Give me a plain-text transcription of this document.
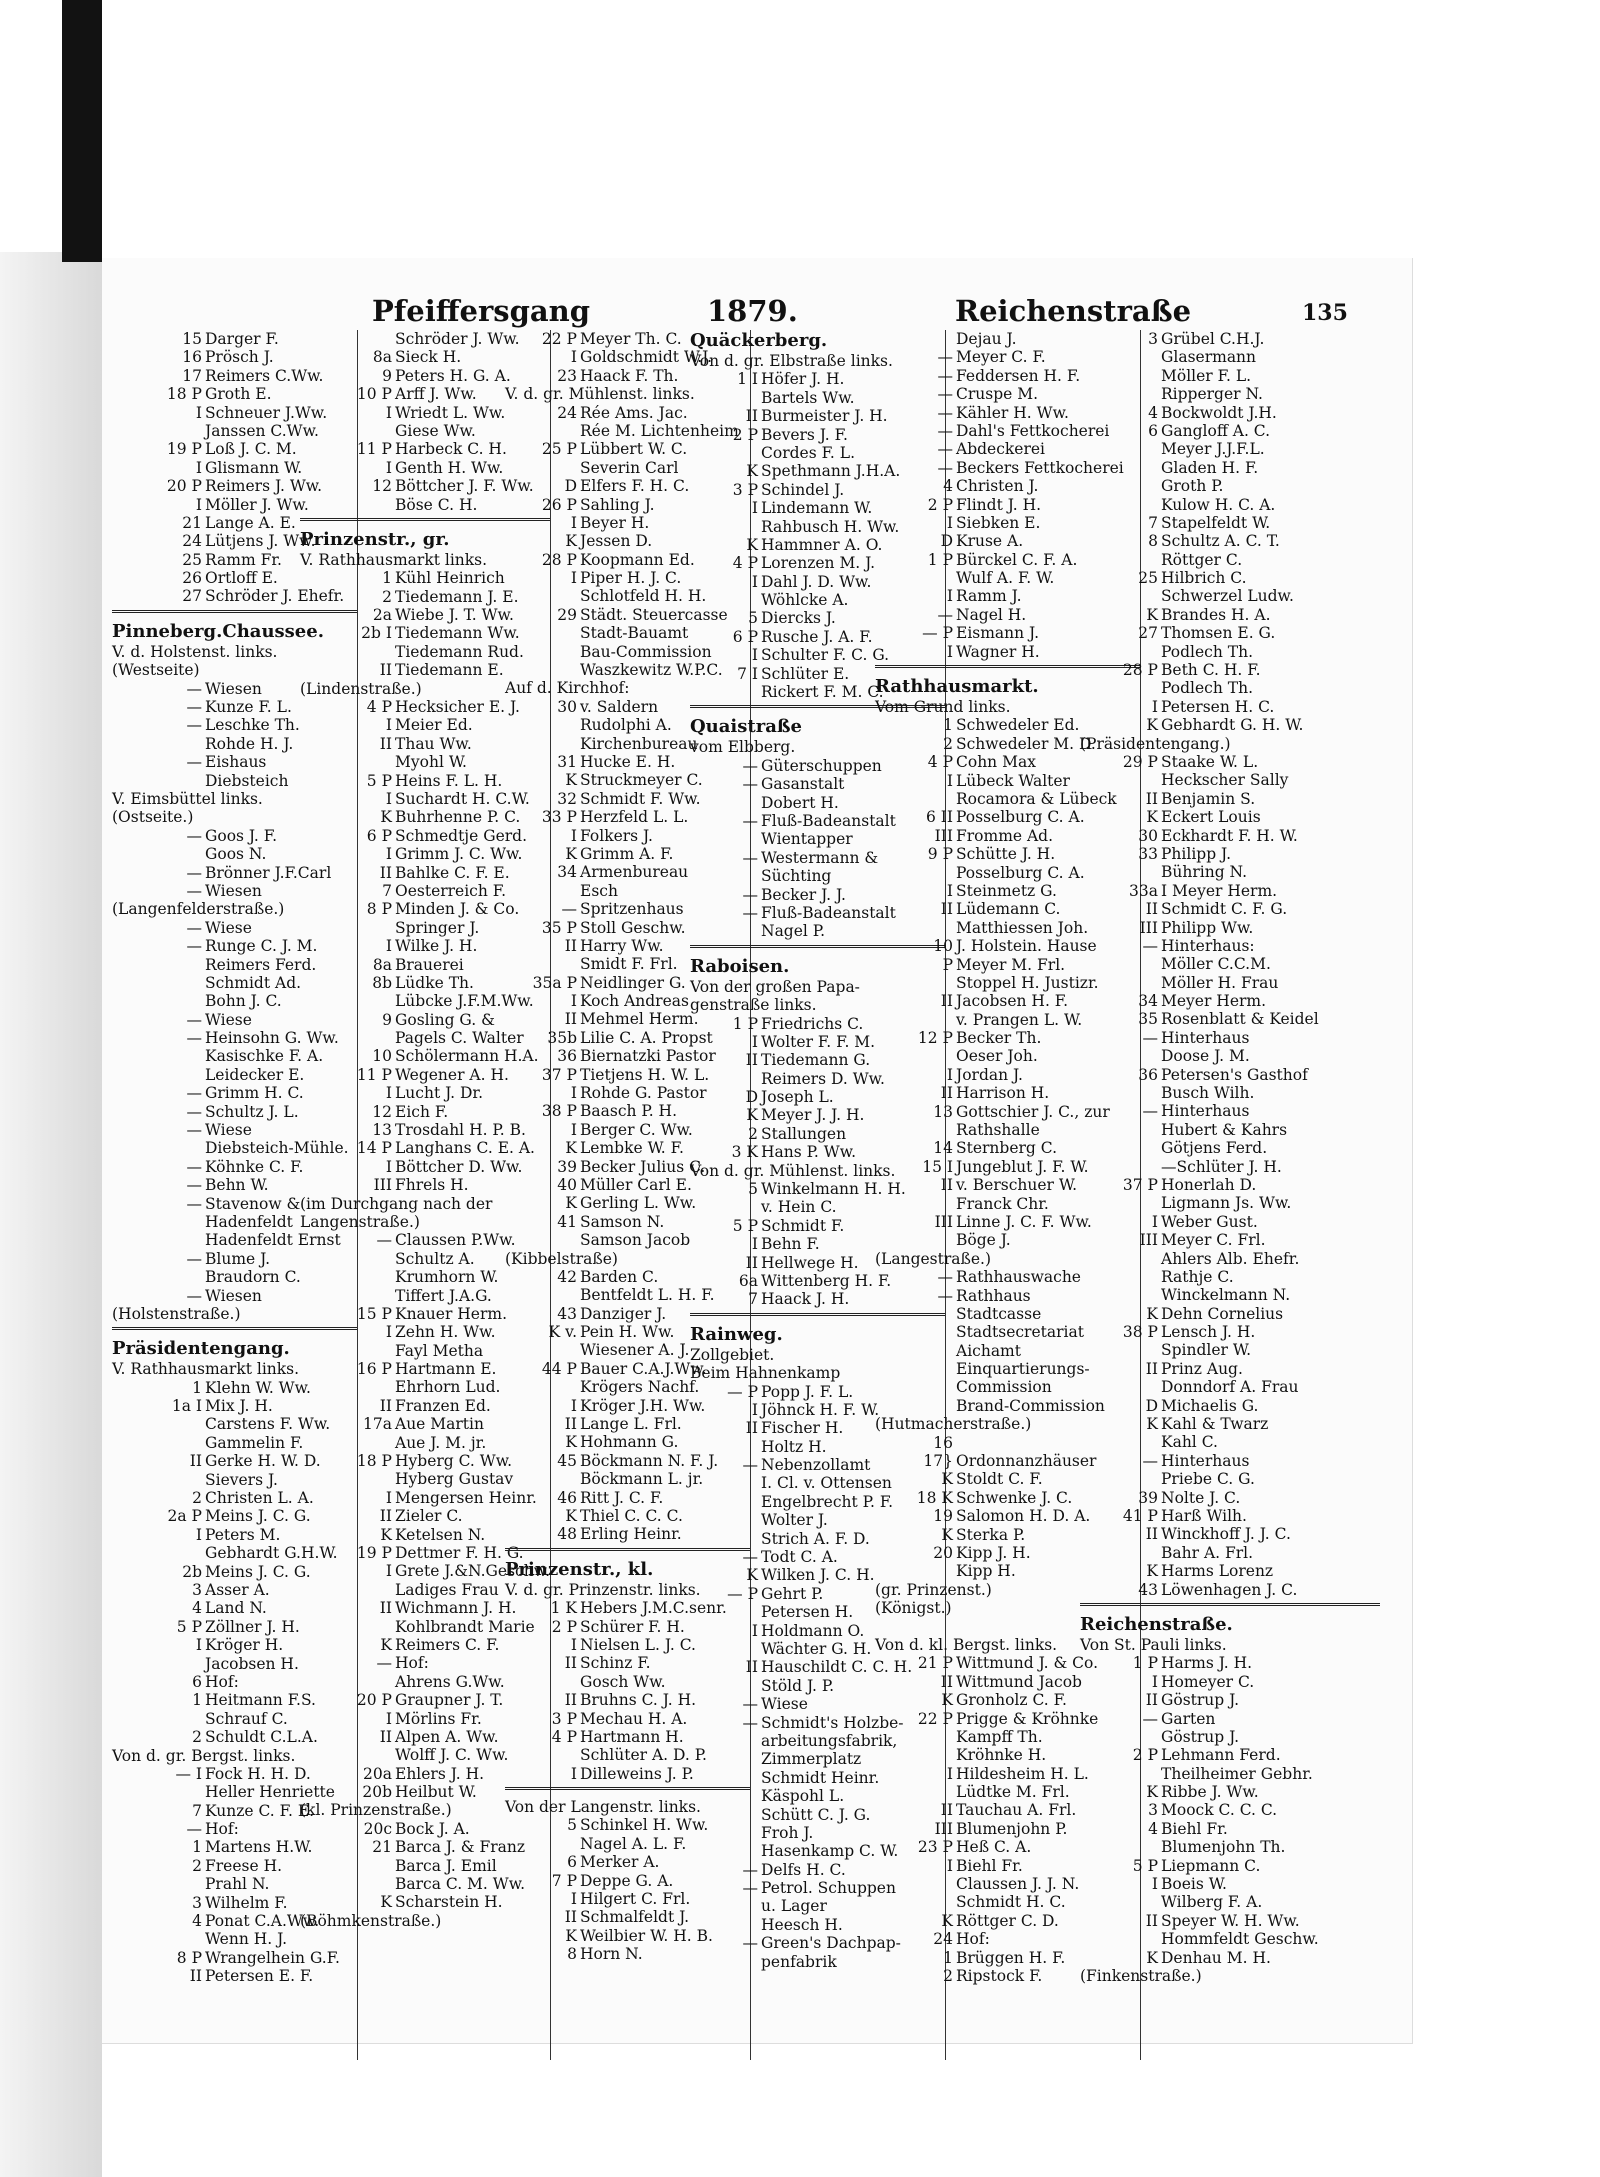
Pfeiffersgang	1879.	Reichenstraße	135
15 Darger F.
16 Prösch J.
17 Reimers C.Ww.
18 P Groth E.
I Schneuer J.Ww.
Janssen C.Ww.
19 P Loß J. C. M.
I Glismann W.
20 P Reimers J. Ww.
I Möller J. Ww.
21 Lange A. E.
24 Lütjens J. Ww.
25 Ramm Fr.
26 Ortloff E.
27 Schröder J. Ehefr.
Pinneberg.Chaussee.
V. d. Holstenst. links.
(Westseite)
— Wiesen
— Kunze F. L.
— Leschke Th.
Rohde H. J.
— Eishaus
Diebsteich
V. Eimsbüttel links.
(Ostseite.)
— Goos J. F.
Goos N.
— Brönner J.F.Carl
— Wiesen
(Langenfelderstraße.)
— Wiese
— Runge C. J. M.
Reimers Ferd.
Schmidt Ad.
Bohn J. C.
— Wiese
— Heinsohn G. Ww.
Kasischke F. A.
Leidecker E.
— Grimm H. C.
— Schultz J. L.
— Wiese
Diebsteich-Mühle.
— Köhnke C. F.
— Behn W.
— Stavenow &
Hadenfeldt
Hadenfeldt Ernst
— Blume J.
Braudorn C.
— Wiesen
(Holstenstraße.)
Präsidentengang.
V. Rathhausmarkt links.
1 Klehn W. Ww.
1a I Mix J. H.
Carstens F. Ww.
Gammelin F.
II Gerke H. W. D.
Sievers J.
2 Christen L. A.
2a P Meins J. C. G.
I Peters M.
Gebhardt G.H.W.
2b Meins J. C. G.
3 Asser A.
4 Land N.
5 P Zöllner J. H.
I Kröger H.
Jacobsen H.
6 Hof:
1 Heitmann F.S.
Schrauf C.
2 Schuldt C.L.A.
Von d. gr. Bergst. links.
— I Fock H. H. D.
Heller Henriette
7 Kunze C. F. E.
— Hof:
1 Martens H.W.
2 Freese H.
Prahl N.
3 Wilhelm F.
4 Ponat C.A.Ww.
Wenn H. J.
8 P Wrangelhein G.F.
II Petersen E. F.
Schröder J. Ww.
8a Sieck H.
9 Peters H. G. A.
10 P Arff J. Ww.
I Wriedt L. Ww.
Giese Ww.
11 P Harbeck C. H.
I Genth H. Ww.
12 Böttcher J. F. Ww.
Böse C. H.
Prinzenstr., gr.
V. Rathhausmarkt links.
1 Kühl Heinrich
2 Tiedemann J. E.
2a Wiebe J. T. Ww.
2b I Tiedemann Ww.
Tiedemann Rud.
II Tiedemann E.
(Lindenstraße.)
4 P Hecksicher E. J.
I Meier Ed.
II Thau Ww.
Myohl W.
5 P Heins F. L. H.
I Suchardt H. C.W.
K Buhrhenne P. C.
6 P Schmedtje Gerd.
I Grimm J. C. Ww.
II Bahlke C. F. E.
7 Oesterreich F.
8 P Minden J. & Co.
Springer J.
I Wilke J. H.
8a Brauerei
8b Lüdke Th.
Lübcke J.F.M.Ww.
9 Gosling G. &
Pagels C. Walter
10 Schölermann H.A.
11 P Wegener A. H.
I Lucht J. Dr.
12 Eich F.
13 Trosdahl H. P. B.
14 P Langhans C. E. A.
I Böttcher D. Ww.
III Fhrels H.
(im Durchgang nach der
Langenstraße.)
— Claussen P.Ww.
Schultz A.
Krumhorn W.
Tiffert J.A.G.
15 P Knauer Herm.
I Zehn H. Ww.
Fayl Metha
16 P Hartmann E.
Ehrhorn Lud.
II Franzen Ed.
17a Aue Martin
Aue J. M. jr.
18 P Hyberg C. Ww.
Hyberg Gustav
I Mengersen Heinr.
II Zieler C.
K Ketelsen N.
19 P Dettmer F. H. G.
I Grete J.&N.Geschw.
Ladiges Frau
II Wichmann J. H.
Kohlbrandt Marie
K Reimers C. F.
— Hof:
Ahrens G.Ww.
20 P Graupner J. T.
I Mörlins Fr.
II Alpen A. Ww.
Wolff J. C. Ww.
20a Ehlers J. H.
20b Heilbut W.
(kl. Prinzenstraße.)
20c Bock J. A.
21 Barca J. & Franz
Barca J. Emil
Barca C. M. Ww.
K Scharstein H.
(Böhmkenstraße.)
22 P Meyer Th. C.
I Goldschmidt W.J.
23 Haack F. Th.
V. d. gr. Mühlenst. links.
24 Rée Ams. Jac.
Rée M. Lichtenheim
25 P Lübbert W. C.
Severin Carl
D Elfers F. H. C.
26 P Sahling J.
I Beyer H.
K Jessen D.
28 P Koopmann Ed.
I Piper H. J. C.
Schlotfeld H. H.
29 Städt. Steuercasse
Stadt-Bauamt
Bau-Commission
Waszkewitz W.P.C.
Auf d. Kirchhof:
30 v. Saldern
Rudolphi A.
Kirchenbureau
31 Hucke E. H.
K Struckmeyer C.
32 Schmidt F. Ww.
33 P Herzfeld L. L.
I Folkers J.
K Grimm A. F.
34 Armenbureau
Esch
— Spritzenhaus
35 P Stoll Geschw.
II Harry Ww.
Smidt F. Frl.
35a P Neidlinger G.
I Koch Andreas
II Mehmel Herm.
35b Lilie C. A. Propst
36 Biernatzki Pastor
37 P Tietjens H. W. L.
I Rohde G. Pastor
38 P Baasch P. H.
I Berger C. Ww.
K Lembke W. F.
39 Becker Julius C.
40 Müller Carl E.
K Gerling L. Ww.
41 Samson N.
Samson Jacob
(Kibbelstraße)
42 Barden C.
Bentfeldt L. H. F.
43 Danziger J.
K v. Pein H. Ww.
Wiesener A. J.
44 P Bauer C.A.J.Ww.
Krögers Nachf.
I Kröger J.H. Ww.
II Lange L. Frl.
K Hohmann G.
45 Böckmann N. F. J.
Böckmann L. jr.
46 Ritt J. C. F.
K Thiel C. C. C.
48 Erling Heinr.
Prinzenstr., kl.
V. d. gr. Prinzenstr. links.
1 K Hebers J.M.C.senr.
2 P Schürer F. H.
I Nielsen L. J. C.
II Schinz F.
Gosch Ww.
II Bruhns C. J. H.
3 P Mechau H. A.
4 P Hartmann H.
Schlüter A. D. P.
I Dilleweins J. P.
Von der Langenstr. links.
5 Schinkel H. Ww.
Nagel A. L. F.
6 Merker A.
7 P Deppe G. A.
I Hilgert C. Frl.
II Schmalfeldt J.
K Weilbier W. H. B.
8 Horn N.
Quäckerberg.
Von d. gr. Elbstraße links.
1 I Höfer J. H.
Bartels Ww.
II Burmeister J. H.
2 P Bevers J. F.
Cordes F. L.
K Spethmann J.H.A.
3 P Schindel J.
I Lindemann W.
Rahbusch H. Ww.
K Hammner A. O.
4 P Lorenzen M. J.
I Dahl J. D. Ww.
Wöhlcke A.
5 Diercks J.
6 P Rusche J. A. F.
I Schulter F. C. G.
7 I Schlüter E.
Rickert F. M. C.
Quaistraße
vom Elbberg.
— Güterschuppen
— Gasanstalt
Dobert H.
— Fluß-Badeanstalt
Wientapper
— Westermann &
Süchting
— Becker J. J.
— Fluß-Badeanstalt
Nagel P.
Raboisen.
Von der großen Papa-
genstraße links.
1 P Friedrichs C.
I Wolter F. F. M.
II Tiedemann G.
Reimers D. Ww.
D Joseph L.
K Meyer J. J. H.
2 Stallungen
3 K Hans P. Ww.
Von d. gr. Mühlenst. links.
5 Winkelmann H. H.
v. Hein C.
5 P Schmidt F.
I Behn F.
II Hellwege H.
6a Wittenberg H. F.
7 Haack J. H.
Rainweg.
Zollgebiet.
Beim Hahnenkamp
— P Popp J. F. L.
I Jöhnck H. F. W.
II Fischer H.
Holtz H.
— Nebenzollamt
I. Cl. v. Ottensen
Engelbrecht P. F.
Wolter J.
Strich A. F. D.
— Todt C. A.
K Wilken J. C. H.
— P Gehrt P.
Petersen H.
I Holdmann O.
Wächter G. H.
II Hauschildt C. C. H.
Stöld J. P.
— Wiese
— Schmidt's Holzbe-
arbeitungsfabrik,
Zimmerplatz
Schmidt Heinr.
Käspohl L.
Schütt C. J. G.
Froh J.
Hasenkamp C. W.
— Delfs H. C.
— Petrol. Schuppen
u. Lager
Heesch H.
— Green's Dachpap-
penfabrik
Dejau J.
— Meyer C. F.
— Feddersen H. F.
— Cruspe M.
— Kähler H. Ww.
— Dahl's Fettkocherei
— Abdeckerei
— Beckers Fettkocherei
4 Christen J.
2 P Flindt J. H.
I Siebken E.
D Kruse A.
1 P Bürckel C. F. A.
Wulf A. F. W.
I Ramm J.
— Nagel H.
— P Eismann J.
I Wagner H.
Rathhausmarkt.
Vom Grund links.
1 Schwedeler Ed.
2 Schwedeler M. D.
4 P Cohn Max
I Lübeck Walter
Rocamora & Lübeck
6 II Posselburg C. A.
III Fromme Ad.
9 P Schütte J. H.
Posselburg C. A.
I Steinmetz G.
II Lüdemann C.
Matthiessen Joh.
10 J. Holstein. Hause
P Meyer M. Frl.
Stoppel H. Justizr.
II Jacobsen H. F.
v. Prangen L. W.
12 P Becker Th.
Oeser Joh.
I Jordan J.
II Harrison H.
13 Gottschier J. C., zur
Rathshalle
14 Sternberg C.
15 I Jungeblut J. F. W.
II v. Berschuer W.
Franck Chr.
III Linne J. C. F. Ww.
Böge J.
(Langestraße.)
— Rathhauswache
— Rathhaus
Stadtcasse
Stadtsecretariat
Aichamt
Einquartierungs-
Commission
Brand-Commission
(Hutmacherstraße.)
16
17} Ordonnanzhäuser
K Stoldt C. F.
18 K Schwenke J. C.
19 Salomon H. D. A.
K Sterka P.
20 Kipp J. H.
Kipp H.
(gr. Prinzenst.)
(Königst.)
Von d. kl. Bergst. links.
21 P Wittmund J. & Co.
II Wittmund Jacob
K Gronholz C. F.
22 P Prigge & Kröhnke
Kampff Th.
Kröhnke H.
I Hildesheim H. L.
Lüdtke M. Frl.
II Tauchau A. Frl.
III Blumenjohn P.
23 P Heß C. A.
I Biehl Fr.
Claussen J. J. N.
Schmidt H. C.
K Röttger C. D.
24 Hof:
1 Brüggen H. F.
2 Ripstock F.
3 Grübel C.H.J.
Glasermann
Möller F. L.
Ripperger N.
4 Bockwoldt J.H.
6 Gangloff A. C.
Meyer J.J.F.L.
Gladen H. F.
Groth P.
Kulow H. C. A.
7 Stapelfeldt W.
8 Schultz A. C. T.
Röttger C.
25 Hilbrich C.
Schwerzel Ludw.
K Brandes H. A.
27 Thomsen E. G.
Podlech Th.
28 P Beth C. H. F.
Podlech Th.
I Petersen H. C.
K Gebhardt G. H. W.
(Präsidentengang.)
29 P Staake W. L.
Heckscher Sally
II Benjamin S.
K Eckert Louis
30 Eckhardt F. H. W.
33 Philipp J.
Bühring N.
33a I Meyer Herm.
II Schmidt C. F. G.
III Philipp Ww.
— Hinterhaus:
Möller C.C.M.
Möller H. Frau
34 Meyer Herm.
35 Rosenblatt & Keidel
— Hinterhaus
Doose J. M.
36 Petersen's Gasthof
Busch Wilh.
— Hinterhaus
Hubert & Kahrs
Götjens Ferd.
—Schlüter J. H.
37 P Honerlah D.
Ligmann Js. Ww.
I Weber Gust.
III Meyer C. Frl.
Ahlers Alb. Ehefr.
Rathje C.
Winckelmann N.
K Dehn Cornelius
38 P Lensch J. H.
Spindler W.
II Prinz Aug.
Donndorf A. Frau
D Michaelis G.
K Kahl & Twarz
Kahl C.
— Hinterhaus
Priebe C. G.
39 Nolte J. C.
41 P Harß Wilh.
II Winckhoff J. J. C.
Bahr A. Frl.
K Harms Lorenz
43 Löwenhagen J. C.
Reichenstraße.
Von St. Pauli links.
1 P Harms J. H.
I Homeyer C.
II Göstrup J.
— Garten
Göstrup J.
2 P Lehmann Ferd.
Theilheimer Gebhr.
K Ribbe J. Ww.
3 Moock C. C. C.
4 Biehl Fr.
Blumenjohn Th.
5 P Liepmann C.
I Boeis W.
Wilberg F. A.
II Speyer W. H. Ww.
Hommfeldt Geschw.
K Denhau M. H.
(Finkenstraße.)
